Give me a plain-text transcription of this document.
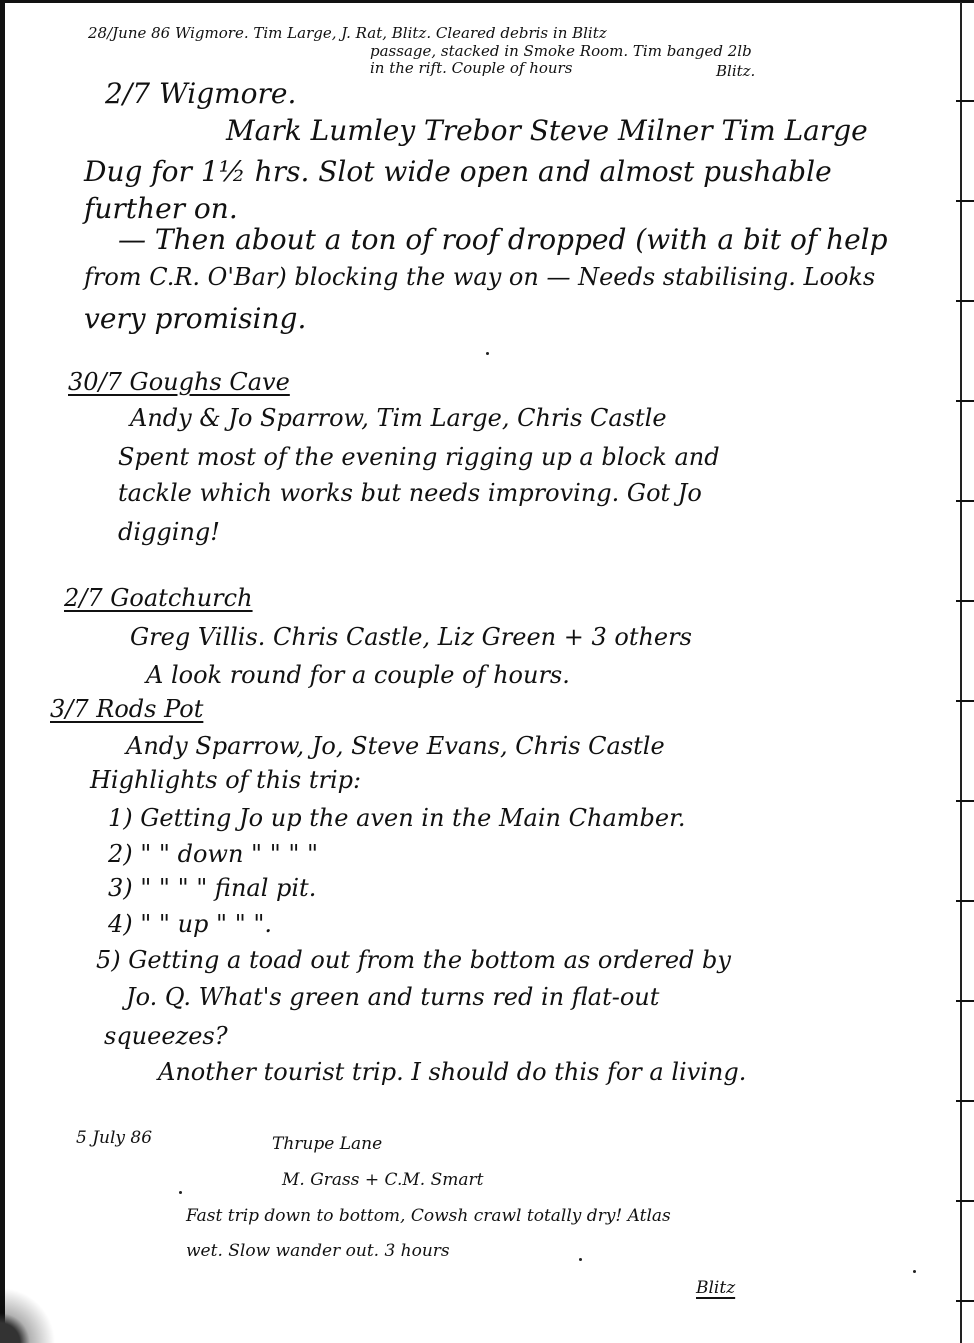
28/June 86 Wigmore. Tim Large, J. Rat, Blitz. Cleared debris in Blitz
passage, stacked in Smoke Room. Tim banged 2lb
in the rift. Couple of hours	Blitz.
2/7 Wigmore.
Mark Lumley Trebor Steve Milner Tim Large
Dug for 1½ hrs. Slot wide open and almost pushable
further on.
— Then about a ton of roof dropped (with a bit of help
from C.R. O'Bar) blocking the way on — Needs stabilising. Looks
very promising.
30/7 Goughs Cave
Andy & Jo Sparrow, Tim Large, Chris Castle
Spent most of the evening rigging up a block and
tackle which works but needs improving. Got Jo
digging!
2/7 Goatchurch
Greg Villis. Chris Castle, Liz Green + 3 others
A look round for a couple of hours.
3/7 Rods Pot
Andy Sparrow, Jo, Steve Evans, Chris Castle
Highlights of this trip:
1) Getting Jo up the aven in the Main Chamber.
2) " " down " " " "
3) " " " " final pit.
4) " " up " " ".
5) Getting a toad out from the bottom as ordered by
Jo. Q. What's green and turns red in flat-out
squeezes?
Another tourist trip. I should do this for a living.
5 July 86	Thrupe Lane
M. Grass + C.M. Smart
Fast trip down to bottom, Cowsh crawl totally dry! Atlas
wet. Slow wander out. 3 hours
Blitz
